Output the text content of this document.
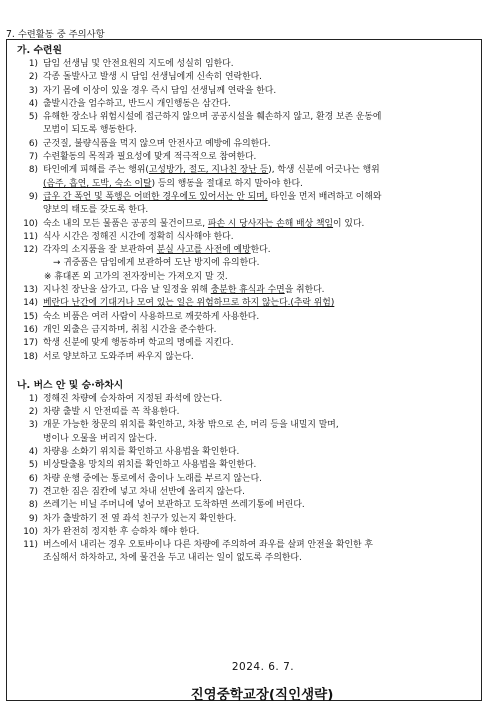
7. 수련활동 중 주의사항
가. 수련원
1) 담임 선생님 및 안전요원의 지도에 성실히 임한다.
2) 각종 돌발사고 발생 시 담임 선생님에게 신속히 연락한다.
3) 자기 몸에 이상이 있을 경우 즉시 담임 선생님께 연락을 한다.
4) 출발시간을 엄수하고, 반드시 개인행동은 삼간다.
5) 유해한 장소나 위험시설에 접근하지 않으며 공공시설을 훼손하지 않고, 환경 보존 운동에
모범이 되도록 행동한다.
6) 군것질, 불량식품을 먹지 않으며 안전사고 예방에 유의한다.
7) 수련활동의 목적과 필요성에 맞게 적극적으로 참여한다.
8) 타인에게 피해를 주는 행위(고성방가, 절도, 지나친 장난 등), 학생 신분에 어긋나는 행위
(음주, 흡연, 도박, 숙소 이탈) 등의 행동을 절대로 하지 말아야 한다.
9) 급우 간 폭언 및 폭행은 어떠한 경우에도 있어서는 안 되며, 타인을 먼저 배려하고 이해와
양보의 태도를 갖도록 한다.
10) 숙소 내의 모든 물품은 공공의 물건이므로, 파손 시 당사자는 손해 배상 책임이 있다.
11) 식사 시간은 정해진 시간에 정확히 식사해야 한다.
12) 각자의 소지품을 잘 보관하여 분실 사고를 사전에 예방한다.
→ 귀중품은 담임에게 보관하여 도난 방지에 유의한다.
※ 휴대폰 외 고가의 전자장비는 가져오지 말 것.
13) 지나친 장난을 삼가고, 다음 날 일정을 위해 충분한 휴식과 수면을 취한다.
14) 베란다 난간에 기대거나 모여 있는 일은 위험하므로 하지 않는다.(추락 위험)
15) 숙소 비품은 여러 사람이 사용하므로 깨끗하게 사용한다.
16) 개인 외출은 금지하며, 취침 시간을 준수한다.
17) 학생 신분에 맞게 행동하며 학교의 명예를 지킨다.
18) 서로 양보하고 도와주며 싸우지 않는다.
나. 버스 안 및 승·하차시
1) 정해진 차량에 승차하여 지정된 좌석에 앉는다.
2) 차량 출발 시 안전띠를 꼭 착용한다.
3) 개문 가능한 창문의 위치를 확인하고, 차창 밖으로 손, 머리 등을 내밀지 말며,
병이나 오물을 버리지 않는다.
4) 차량용 소화기 위치를 확인하고 사용법을 확인한다.
5) 비상탈출용 망치의 위치를 확인하고 사용법을 확인한다.
6) 차량 운행 중에는 통로에서 춤이나 노래를 부르지 않는다.
7) 견고한 짐은 짐칸에 넣고 차내 선반에 올리지 않는다.
8) 쓰레기는 비닐 주머니에 넣어 보관하고 도착하면 쓰레기통에 버린다.
9) 차가 출발하기 전 옆 좌석 친구가 있는지 확인한다.
10) 차가 완전히 정지한 후 승하차 해야 한다.
11) 버스에서 내리는 경우 오토바이나 다른 차량에 주의하여 좌우를 살펴 안전을 확인한 후
조심해서 하차하고, 차에 물건을 두고 내리는 일이 없도록 주의한다.
2024. 6. 7.
진영중학교장(직인생략)
